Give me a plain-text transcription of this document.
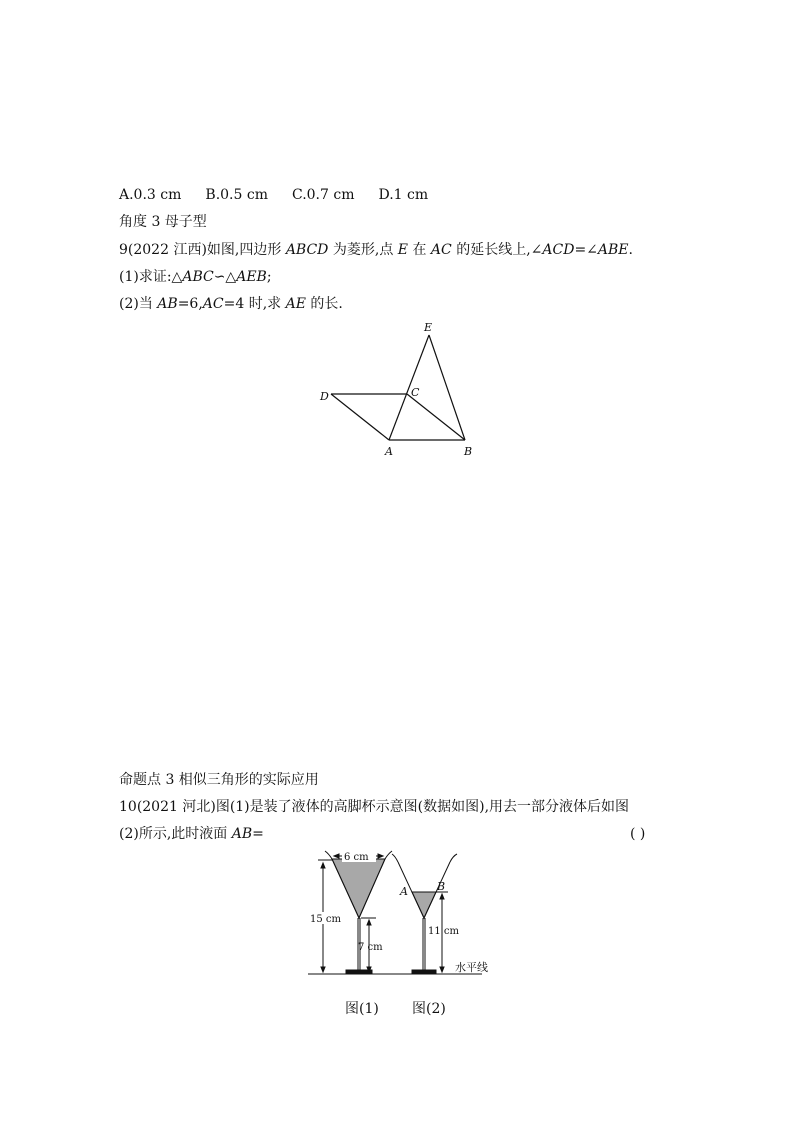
A.0.3 cm B.0.5 cm C.0.7 cm D.1 cm
角度 3 母子型
9(2022 江西)如图,四边形 ABCD 为菱形,点 E 在 AC 的延长线上,∠ACD=∠ABE.
(1)求证:△ABC∽△AEB;
(2)当 AB=6,AC=4 时,求 AE 的长.
E
C
D
A	B
命题点 3 相似三角形的实际应用
10(2021 河北)图(1)是装了液体的高脚杯示意图(数据如图),用去一部分液体后如图
(2)所示,此时液面 AB=	( )
6 cm
15 cm
7 cm
11 cm
A	B
水平线
图(1) 图(2)
